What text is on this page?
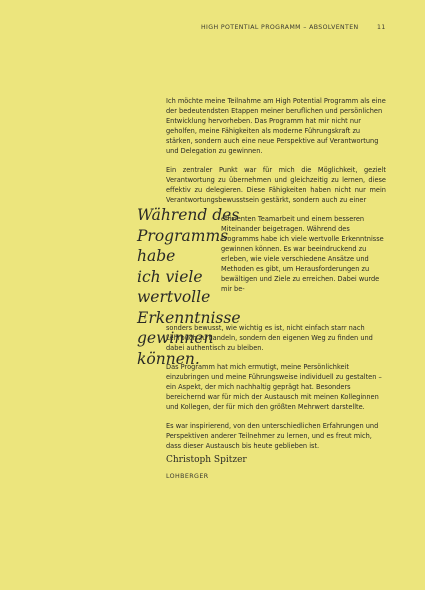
HIGH POTENTIAL PROGRAMM – ABSOLVENTEN	11

Ich möchte meine Teilnahme am High Potential Programm als eine der bedeutendsten Etappen meiner beruflichen und persönlichen Entwicklung hervorheben. Das Programm hat mir nicht nur geholfen, meine Fähigkeiten als moderne Führungskraft zu stärken, sondern auch eine neue Perspektive auf Verantwortung und Delegation zu gewinnen.

Ein zentraler Punkt war für mich die Möglichkeit, gezielt Verantwortung zu übernehmen und gleichzeitig zu lernen, diese effektiv zu delegieren. Diese Fähigkeiten haben nicht nur mein Verantwortungsbewusstsein gestärkt, sondern auch zu einer

effizienten Teamarbeit und einem besseren Miteinander beigetragen. Während des Programms habe ich viele wertvolle Erkenntnisse gewinnen können. Es war beeindruckend zu erleben, wie viele verschiedene Ansätze und Methoden es gibt, um Herausforderungen zu bewältigen und Ziele zu erreichen. Dabei wurde mir be-

sonders bewusst, wie wichtig es ist, nicht einfach starr nach Lehrbuch zu handeln, sondern den eigenen Weg zu finden und dabei authentisch zu bleiben.

Das Programm hat mich ermutigt, meine Persönlichkeit einzubringen und meine Führungsweise individuell zu gestalten – ein Aspekt, der mich nachhaltig geprägt hat. Besonders bereichernd war für mich der Austausch mit meinen Kolleginnen und Kollegen, der für mich den größten Mehrwert darstellte.

Es war inspirierend, von den unterschiedlichen Erfahrungen und Perspektiven anderer Teilnehmer zu lernen, und es freut mich, dass dieser Austausch bis heute geblieben ist.

Während des
Programms habe
ich viele wertvolle
Erkenntnisse
gewinnen können.
Christoph Spitzer
LOHBERGER
